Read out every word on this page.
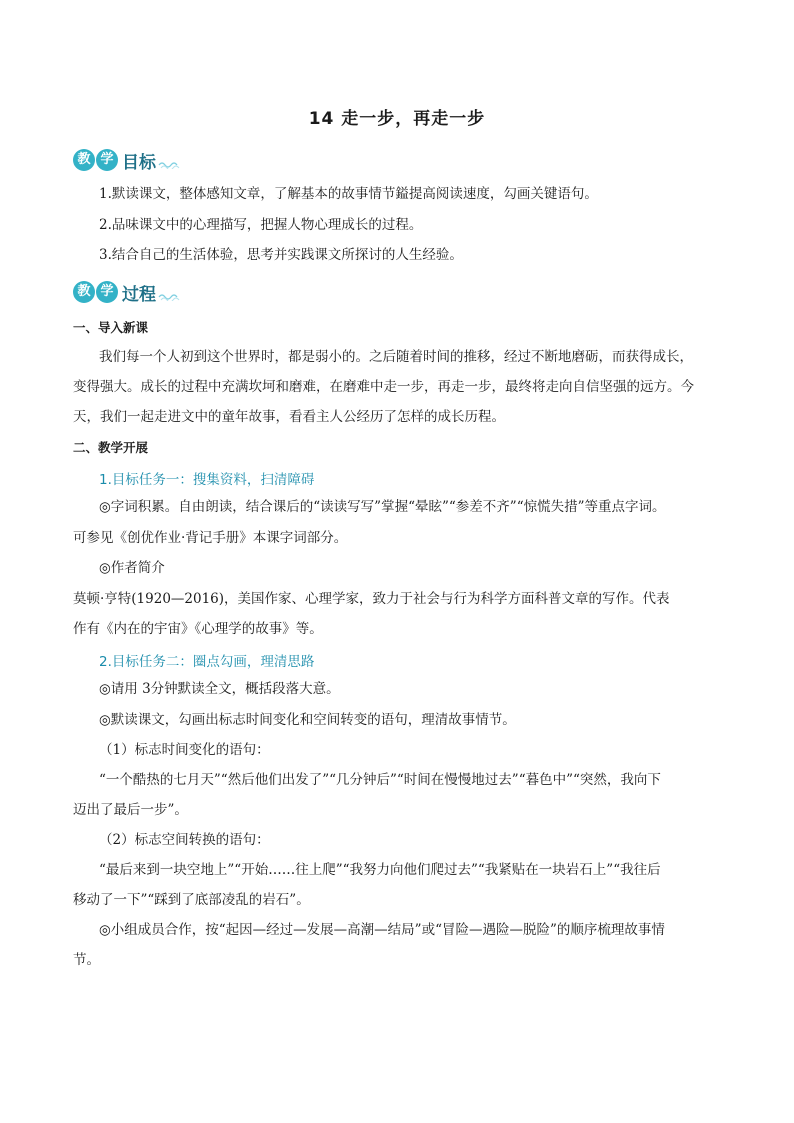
14 走一步，再走一步
教 学 目标
1.默读课文，整体感知文章，了解基本的故事情节鎰提高阅读速度，勾画关键语句。
2.品味课文中的心理描写，把握人物心理成长的过程。
3.结合自己的生活体验，思考并实践课文所探讨的人生经验。
教 学 过程
一、导入新课
我们每一个人初到这个世界时，都是弱小的。之后随着时间的推移，经过不断地磨砺，而获得成长，
变得强大。成长的过程中充满坎坷和磨难，在磨难中走一步，再走一步，最终将走向自信坚强的远方。今
天，我们一起走进文中的童年故事，看看主人公经历了怎样的成长历程。
二、教学开展
1.目标任务一：搜集资料，扫清障碍
◎字词积累。自由朗读，结合课后的“读读写写”掌握“晕眩”“参差不齐”“惊慌失措”等重点字词。
可参见《创优作业·背记手册》本课字词部分。
◎作者简介
莫顿·亨特(1920—2016)，美国作家、心理学家，致力于社会与行为科学方面科普文章的写作。代表
作有《内在的宇宙》《心理学的故事》等。
2.目标任务二：圈点勾画，理清思路
◎请用 3分钟默读全文，概括段落大意。
◎默读课文，勾画出标志时间变化和空间转变的语句，理清故事情节。
（1）标志时间变化的语句：
“一个酷热的七月天”“然后他们出发了”“几分钟后”“时间在慢慢地过去”“暮色中”“突然，我向下
迈出了最后一步”。
（2）标志空间转换的语句：
“最后来到一块空地上”“开始……往上爬”“我努力向他们爬过去”“我紧贴在一块岩石上”“我往后
移动了一下”“踩到了底部凌乱的岩石”。
◎小组成员合作，按“起因—经过—发展—高潮—结局”或“冒险—遇险—脱险”的顺序梳理故事情
节。
